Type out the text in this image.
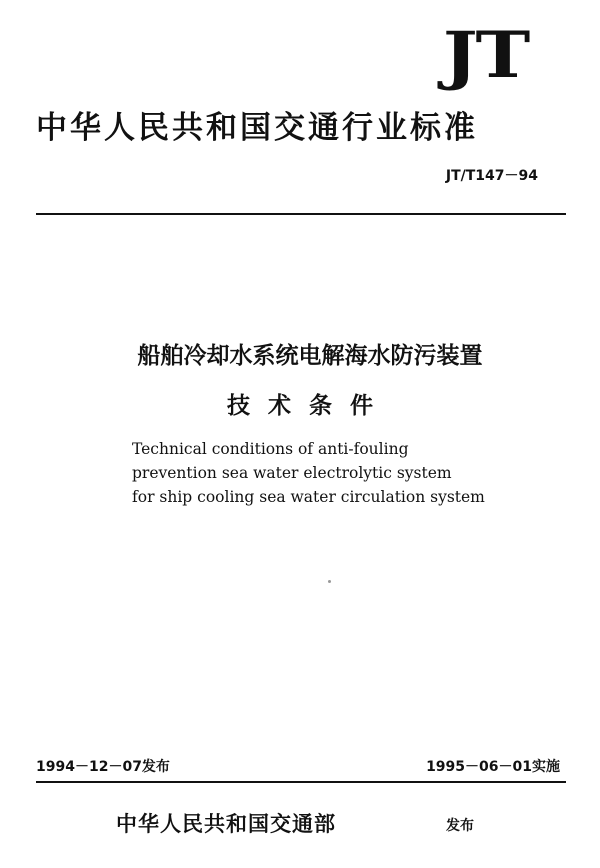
JT
中华人民共和国交通行业标准
JT/T147－94
船舶冷却水系统电解海水防污装置
技术条件
Technical conditions of anti-fouling
prevention sea water electrolytic system
for ship cooling sea water circulation system
1994－12－07发布	1995－06－01实施
中华人民共和国交通部	发布
